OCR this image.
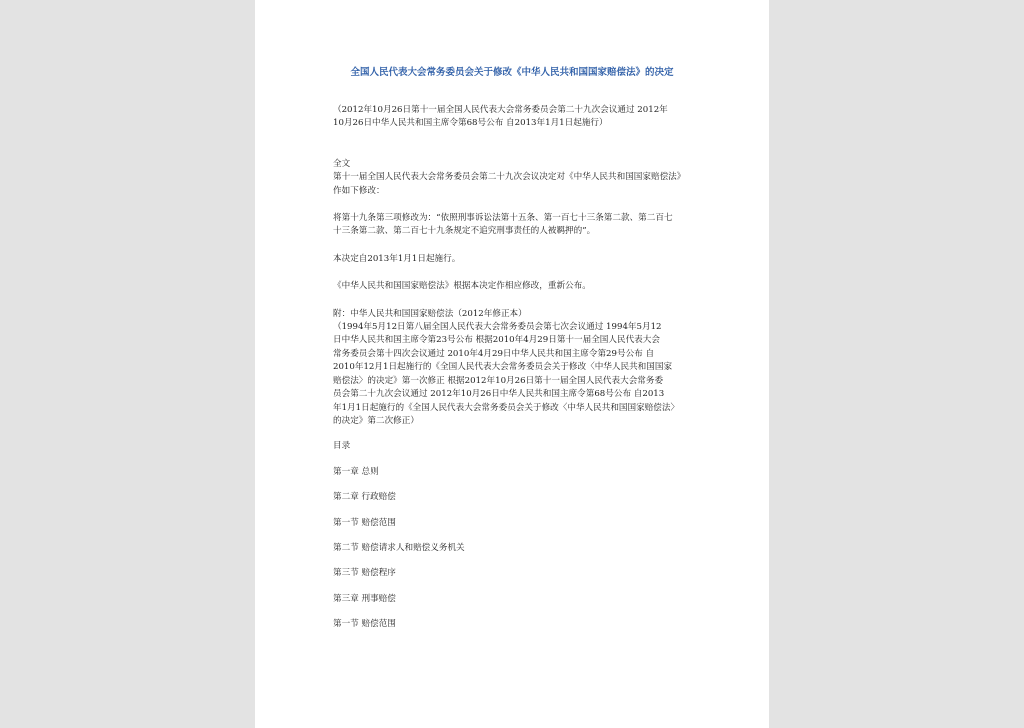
全国人民代表大会常务委员会关于修改《中华人民共和国国家赔偿法》的决定

（2012年10月26日第十一届全国人民代表大会常务委员会第二十九次会议通过 2012年
10月26日中华人民共和国主席令第68号公布 自2013年1月1日起施行）

全文

第十一届全国人民代表大会常务委员会第二十九次会议决定对《中华人民共和国国家赔偿法》
作如下修改：

将第十九条第三项修改为：“依照刑事诉讼法第十五条、第一百七十三条第二款、第二百七
十三条第二款、第二百七十九条规定不追究刑事责任的人被羁押的”。

本决定自2013年1月1日起施行。

《中华人民共和国国家赔偿法》根据本决定作相应修改，重新公布。

附：中华人民共和国国家赔偿法（2012年修正本）

（1994年5月12日第八届全国人民代表大会常务委员会第七次会议通过 1994年5月12
日中华人民共和国主席令第23号公布 根据2010年4月29日第十一届全国人民代表大会
常务委员会第十四次会议通过 2010年4月29日中华人民共和国主席令第29号公布 自
2010年12月1日起施行的《全国人民代表大会常务委员会关于修改〈中华人民共和国国家
赔偿法〉的决定》第一次修正 根据2012年10月26日第十一届全国人民代表大会常务委
员会第二十九次会议通过 2012年10月26日中华人民共和国主席令第68号公布 自2013
年1月1日起施行的《全国人民代表大会常务委员会关于修改〈中华人民共和国国家赔偿法〉
的决定》第二次修正）

目录

第一章 总则

第二章 行政赔偿

第一节 赔偿范围

第二节 赔偿请求人和赔偿义务机关

第三节 赔偿程序

第三章 刑事赔偿

第一节 赔偿范围
